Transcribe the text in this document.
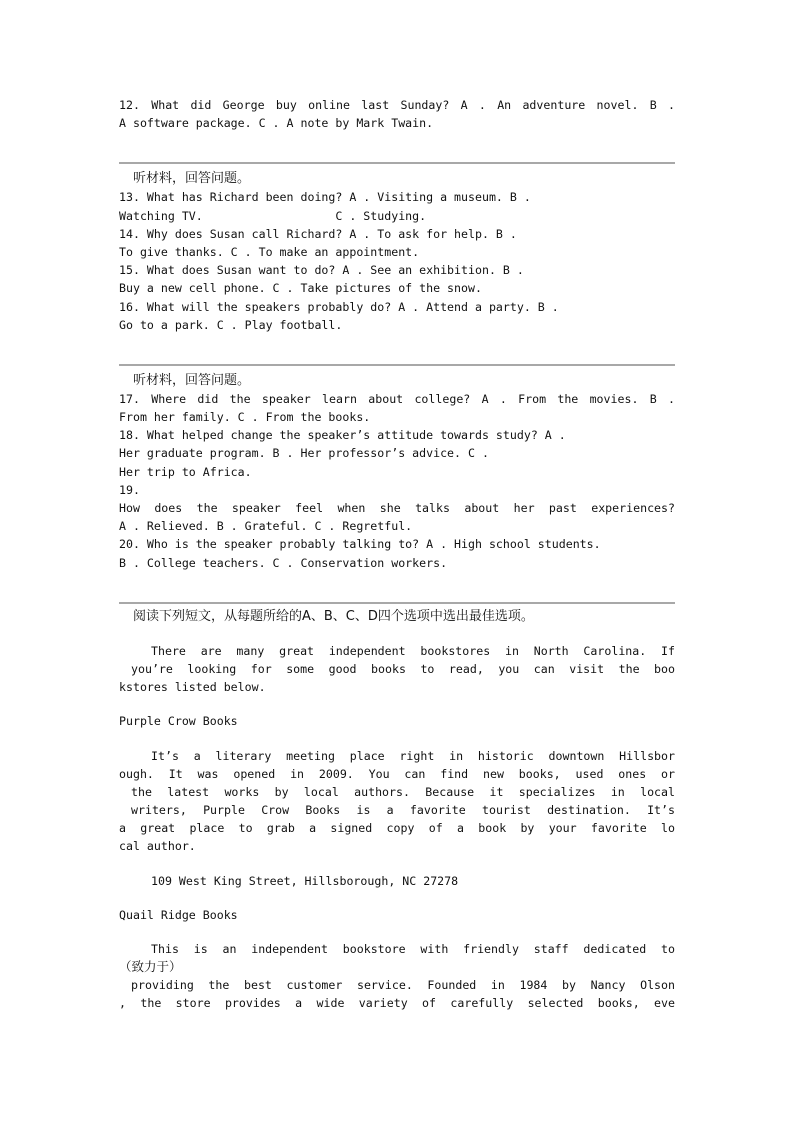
12. What did George buy online last Sunday? A . An adventure novel. B .
A software package. C . A note by Mark Twain.
听材料，回答问题。
13. What has Richard been doing? A . Visiting a museum. B .
Watching TV.                   C . Studying.
14. Why does Susan call Richard? A . To ask for help. B .
To give thanks. C . To make an appointment.
15. What does Susan want to do? A . See an exhibition. B .
Buy a new cell phone. C . Take pictures of the snow.
16. What will the speakers probably do? A . Attend a party. B .
Go to a park. C . Play football.
听材料，回答问题。
17. Where did the speaker learn about college? A . From the movies. B .
From her family. C . From the books.
18. What helped change the speaker’s attitude towards study? A .
Her graduate program. B . Her professor’s advice. C .
Her trip to Africa.
19.
How does the speaker feel when she talks about her past experiences?
A . Relieved. B . Grateful. C . Regretful.
20. Who is the speaker probably talking to? A . High school students.
B . College teachers. C . Conservation workers.
阅读下列短文，从每题所给的A、B、C、D四个选项中选出最佳选项。
There are many great independent bookstores in North Carolina. If
you’re looking for some good books to read, you can visit the boo
kstores listed below.
Purple Crow Books
It’s a literary meeting place right in historic downtown Hillsbor
ough. It was opened in 2009. You can find new books, used ones or
the latest works by local authors. Because it specializes in local
writers, Purple Crow Books is a favorite tourist destination. It’s
a great place to grab a signed copy of a book by your favorite lo
cal author.
109 West King Street, Hillsborough, NC 27278
Quail Ridge Books
This is an independent bookstore with friendly staff dedicated to
（致力于）
providing the best customer service. Founded in 1984 by Nancy Olson
, the store provides a wide variety of carefully selected books, eve
